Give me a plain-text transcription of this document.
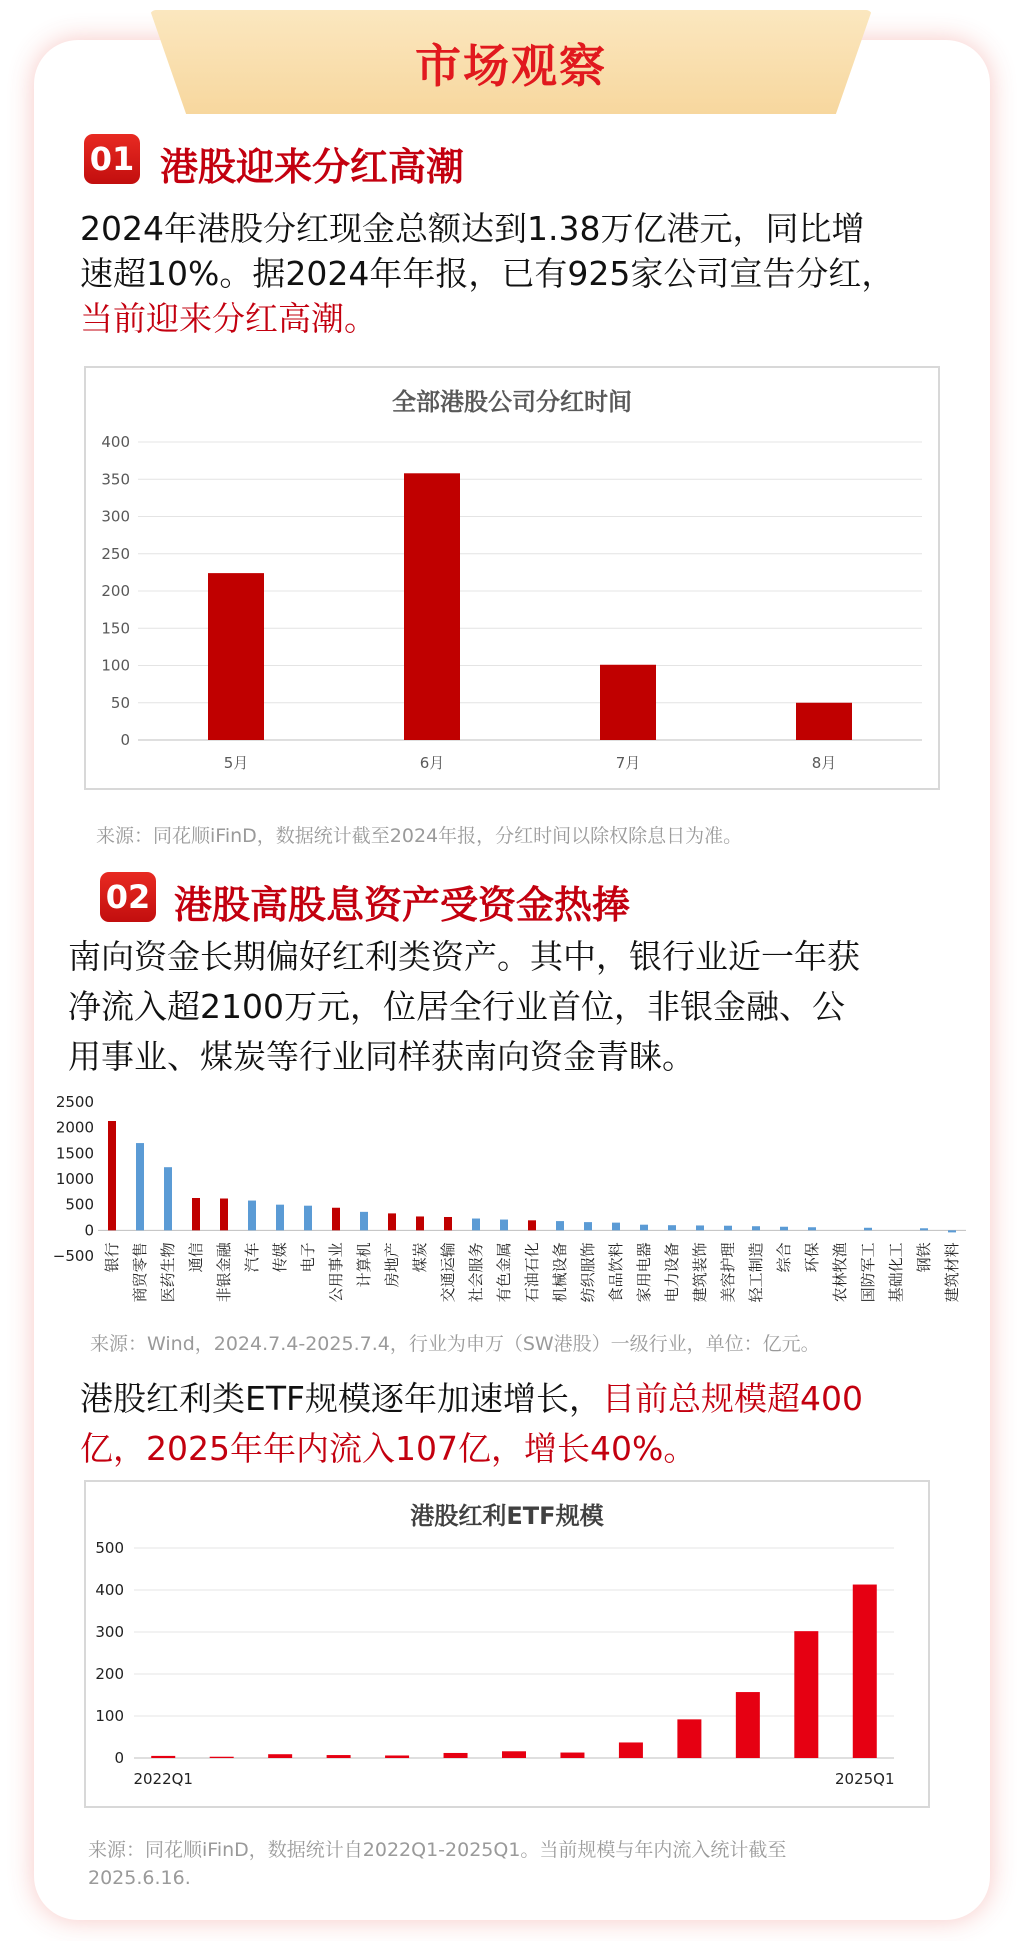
市场观察
01 港股迎来分红高潮
2024年港股分红现金总额达到1.38万亿港元，同比增
速超10%。据2024年年报，已有925家公司宣告分红，
当前迎来分红高潮。
全部港股公司分红时间
0
50
100
150
200
250
300
350
400
5月	6月	7月	8月
来源：同花顺iFinD，数据统计截至2024年报，分红时间以除权除息日为准。
02 港股高股息资产受资金热捧
南向资金长期偏好红利类资产。其中，银行业近一年获
净流入超2100万元，位居全行业首位，非银金融、公
用事业、煤炭等行业同样获南向资金青睐。
−500
0
500
1000
1500
2000
2500
银行 商贸零售 医药生物 通信 非银金融 汽车 传媒 电子 公用事业 计算机 房地产 煤炭 交通运输 社会服务 有色金属 石油石化 机械设备 纺织服饰 食品饮料 家用电器 电力设备 建筑装饰 美容护理 轻工制造 综合 环保 农林牧渔 国防军工 基础化工 钢铁 建筑材料
来源：Wind，2024.7.4-2025.7.4，行业为申万（SW港股）一级行业，单位：亿元。
港股红利类ETF规模逐年加速增长，目前总规模超400
亿，2025年年内流入107亿，增长40%。
港股红利ETF规模
0
100
200
300
400
500
2022Q1	2025Q1
来源：同花顺iFinD，数据统计自2022Q1-2025Q1。当前规模与年内流入统计截至
2025.6.16.
